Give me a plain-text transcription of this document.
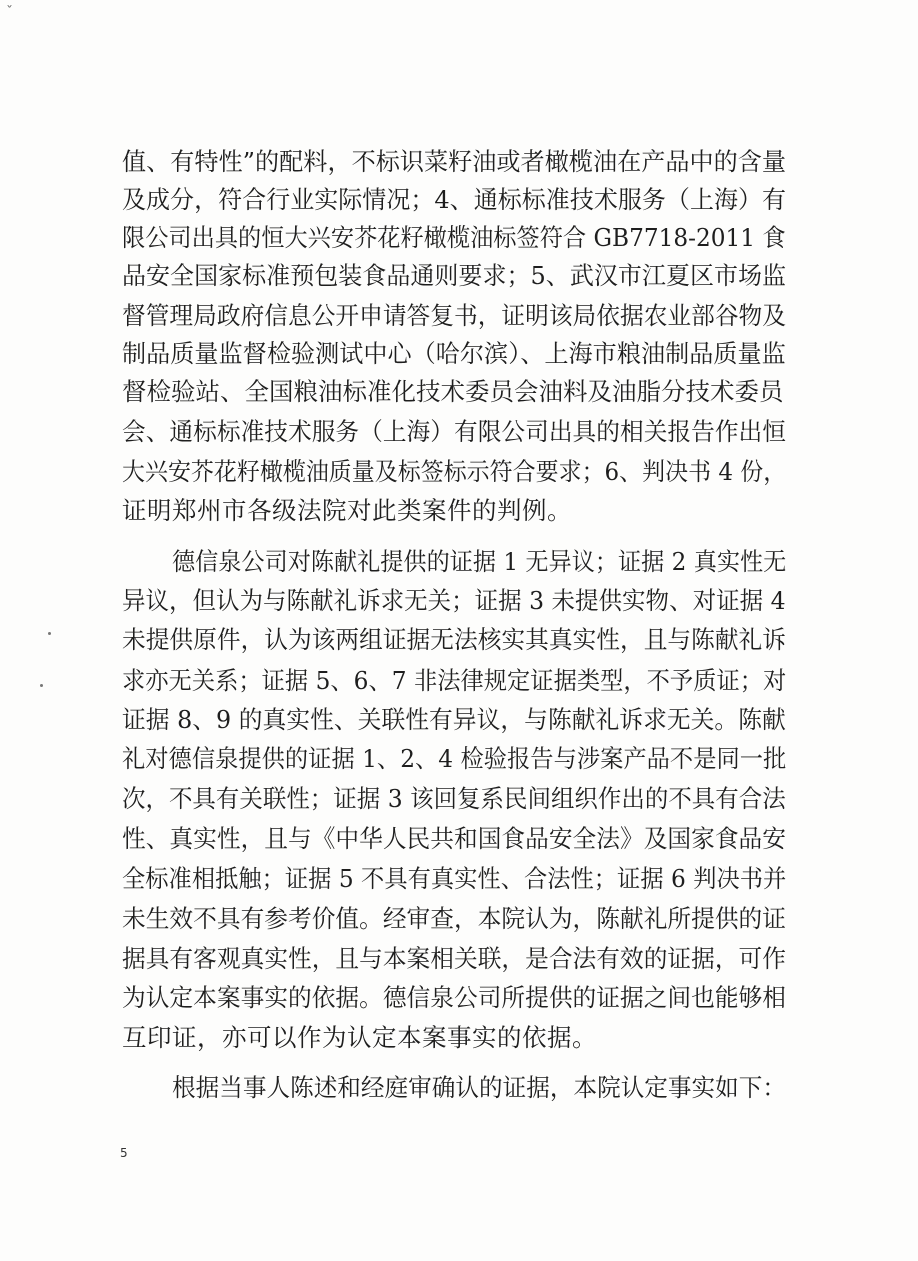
ˇ
值、有特性”的配料，不标识菜籽油或者橄榄油在产品中的含量
及成分，符合行业实际情况；4、通标标准技术服务（上海）有
限公司出具的恒大兴安芥花籽橄榄油标签符合 GB7718-2011 食
品安全国家标准预包装食品通则要求；5、武汉市江夏区市场监
督管理局政府信息公开申请答复书，证明该局依据农业部谷物及
制品质量监督检验测试中心（哈尔滨）、上海市粮油制品质量监
督检验站、全国粮油标准化技术委员会油料及油脂分技术委员
会、通标标准技术服务（上海）有限公司出具的相关报告作出恒
大兴安芥花籽橄榄油质量及标签标示符合要求；6、判决书 4 份，
证明郑州市各级法院对此类案件的判例。
德信泉公司对陈献礼提供的证据 1 无异议；证据 2 真实性无
异议，但认为与陈献礼诉求无关；证据 3 未提供实物、对证据 4
未提供原件，认为该两组证据无法核实其真实性，且与陈献礼诉
求亦无关系；证据 5、6、7 非法律规定证据类型，不予质证；对
证据 8、9 的真实性、关联性有异议，与陈献礼诉求无关。陈献
礼对德信泉提供的证据 1、2、4 检验报告与涉案产品不是同一批
次，不具有关联性；证据 3 该回复系民间组织作出的不具有合法
性、真实性，且与《中华人民共和国食品安全法》及国家食品安
全标准相抵触；证据 5 不具有真实性、合法性；证据 6 判决书并
未生效不具有参考价值。经审查，本院认为，陈献礼所提供的证
据具有客观真实性，且与本案相关联，是合法有效的证据，可作
为认定本案事实的依据。德信泉公司所提供的证据之间也能够相
互印证，亦可以作为认定本案事实的依据。
根据当事人陈述和经庭审确认的证据，本院认定事实如下：
5
